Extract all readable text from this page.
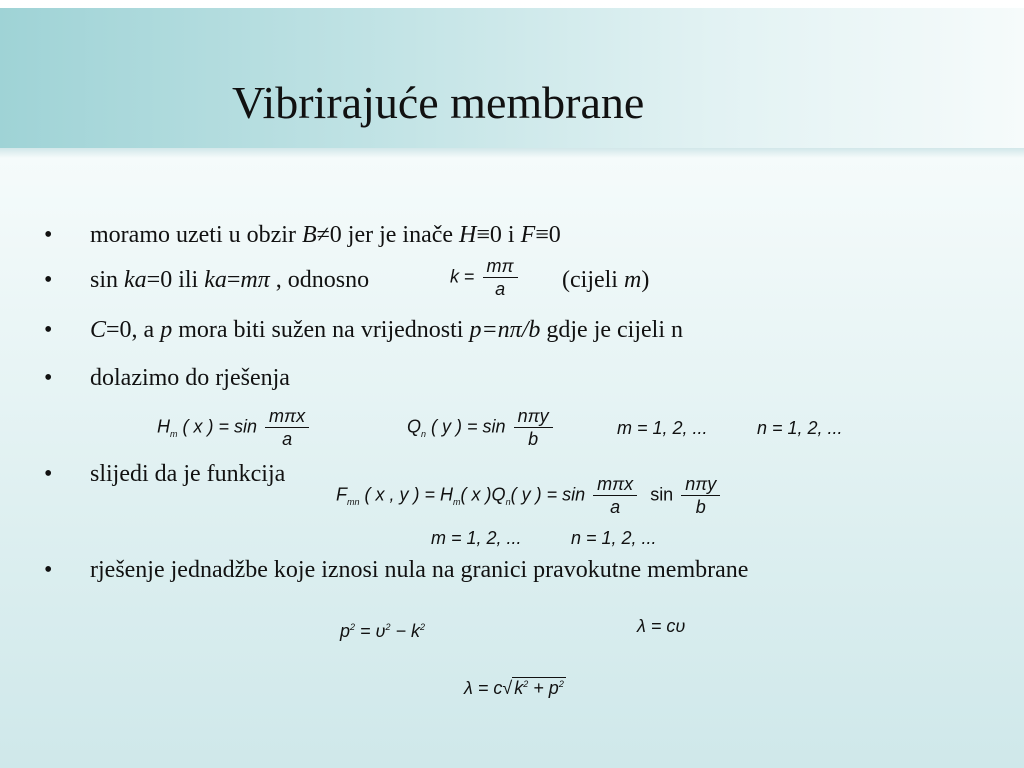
Vibrirajuće membrane
• moramo uzeti u obzir B≠0 jer je inače H≡0 i F≡0
• sin ka=0 ili ka=mπ , odnosno	$k = \frac{m\pi}{a}$ (cijeli m)
• C=0, a p mora biti sužen na vrijednosti p=nπ/b gdje je cijeli n
• dolazimo do rješenja
$H_m$ ( x ) = $\sin \frac{\text{mπx}}{a}$	$Q_n$ ( y ) = $\sin \frac{\text{nπy}}{b}$	m = 1, 2, ...	n = 1, 2, ...
• slijedi da je funkcija
$F_{mn}$ ( x , y ) = $H_m$( x )$Q_n$( y ) = $\sin \frac{\text{mπx}}{a}$ $\sin \frac{\text{nπy}}{b}$
m = 1, 2, ...	n = 1, 2, ...
• rješenje jednadžbe koje iznosi nula na granici pravokutne membrane
$p^2 = \upsilon^2 - k^2$	λ = cυ
λ = c√ $k^2 + p^2$
